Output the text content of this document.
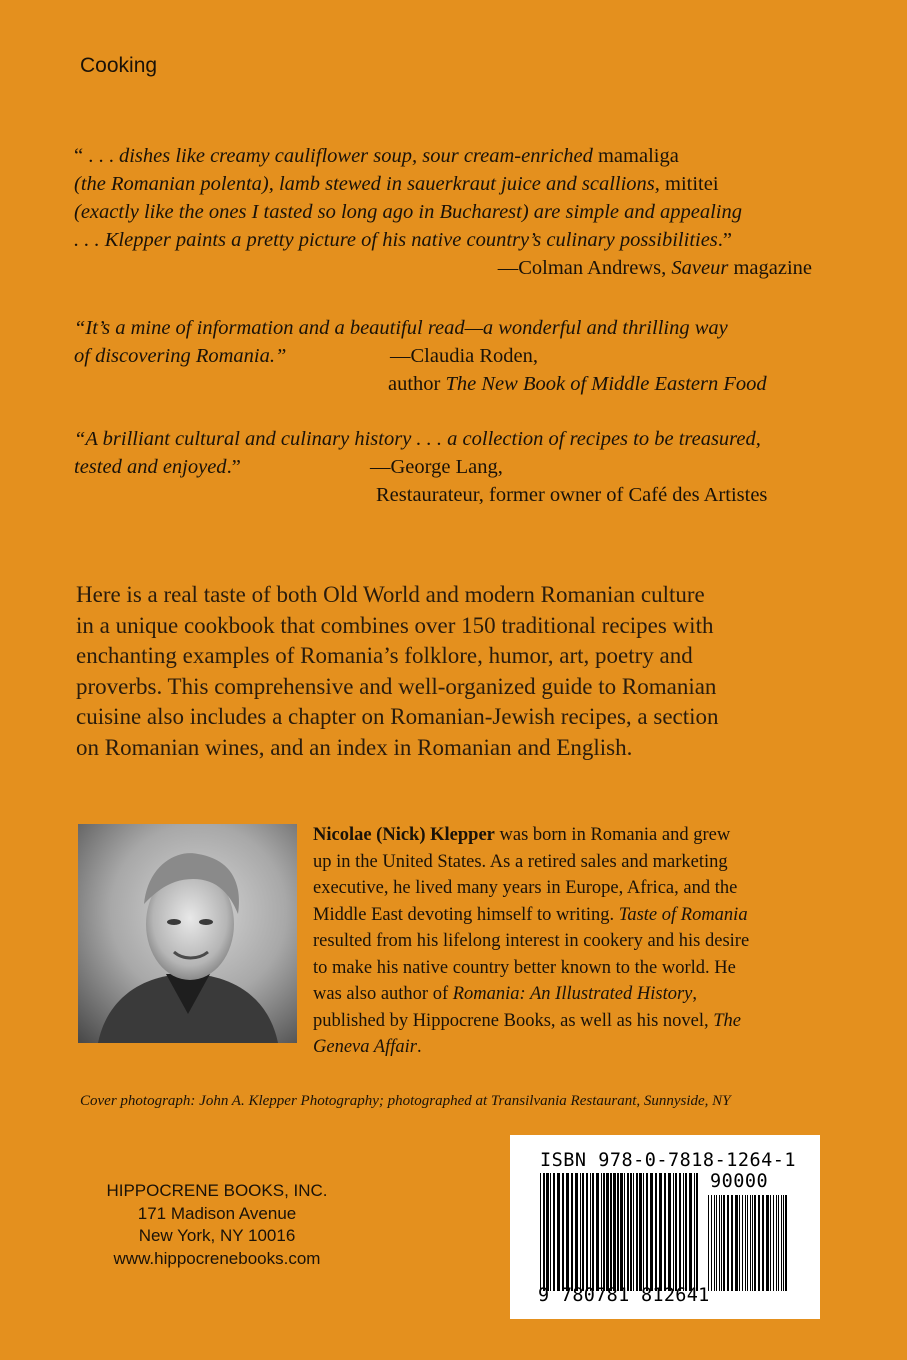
Cooking
“ . . . dishes like creamy cauliflower soup, sour cream-enriched mamaliga
(the Romanian polenta), lamb stewed in sauerkraut juice and scallions, mititei
(exactly like the ones I tasted so long ago in Bucharest) are simple and appealing
. . . Klepper paints a pretty picture of his native country’s culinary possibilities.”
—Colman Andrews, Saveur magazine
“It’s a mine of information and a beautiful read—a wonderful and thrilling way
of discovering Romania.”	—Claudia Roden,
author The New Book of Middle Eastern Food
“A brilliant cultural and culinary history . . . a collection of recipes to be treasured,
tested and enjoyed.”	—George Lang,
Restaurateur, former owner of Café des Artistes
Here is a real taste of both Old World and modern Romanian culture
in a unique cookbook that combines over 150 traditional recipes with
enchanting examples of Romania’s folklore, humor, art, poetry and
proverbs. This comprehensive and well-organized guide to Romanian
cuisine also includes a chapter on Romanian-Jewish recipes, a section
on Romanian wines, and an index in Romanian and English.
Nicolae (Nick) Klepper was born in Romania and grew
up in the United States. As a retired sales and marketing
executive, he lived many years in Europe, Africa, and the
Middle East devoting himself to writing. Taste of Romania
resulted from his lifelong interest in cookery and his desire
to make his native country better known to the world. He
was also author of Romania: An Illustrated History,
published by Hippocrene Books, as well as his novel, The
Geneva Affair.
Cover photograph: John A. Klepper Photography; photographed at Transilvania Restaurant, Sunnyside, NY
HIPPOCRENE BOOKS, INC.
171 Madison Avenue
New York, NY 10016
www.hippocrenebooks.com
ISBN 978-0-7818-1264-1
90000
9 780781 812641
